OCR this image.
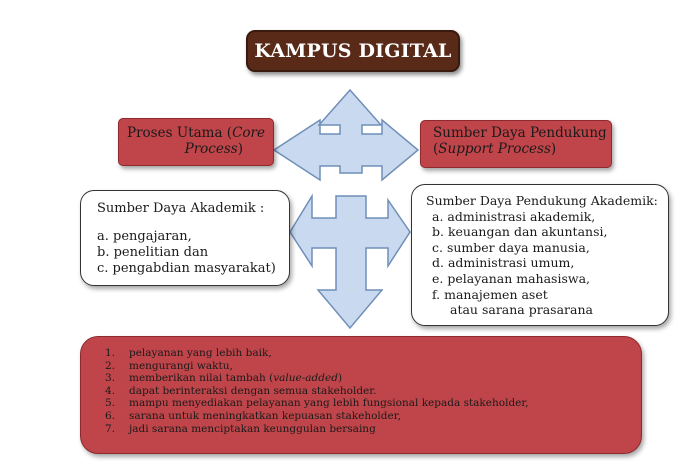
KAMPUS DIGITAL
Proses Utama (Core
Process)
Sumber Daya Pendukung
(Support Process)
Sumber Daya Akademik :
a. pengajaran,
b. penelitian dan
c. pengabdian masyarakat)
Sumber Daya Pendukung Akademik:
a. administrasi akademik,
b. keuangan dan akuntansi,
c. sumber daya manusia,
d. administrasi umum,
e. pelayanan mahasiswa,
f. manajemen aset
atau sarana prasarana
1.	pelayanan yang lebih baik,
2.	mengurangi waktu,
3.	memberikan nilai tambah (value-added)
4.	dapat berinteraksi dengan semua stakeholder.
5.	mampu menyediakan pelayanan yang lebih fungsional kepada stakeholder,
6.	sarana untuk meningkatkan kepuasan stakeholder,
7.	jadi sarana menciptakan keunggulan bersaing
